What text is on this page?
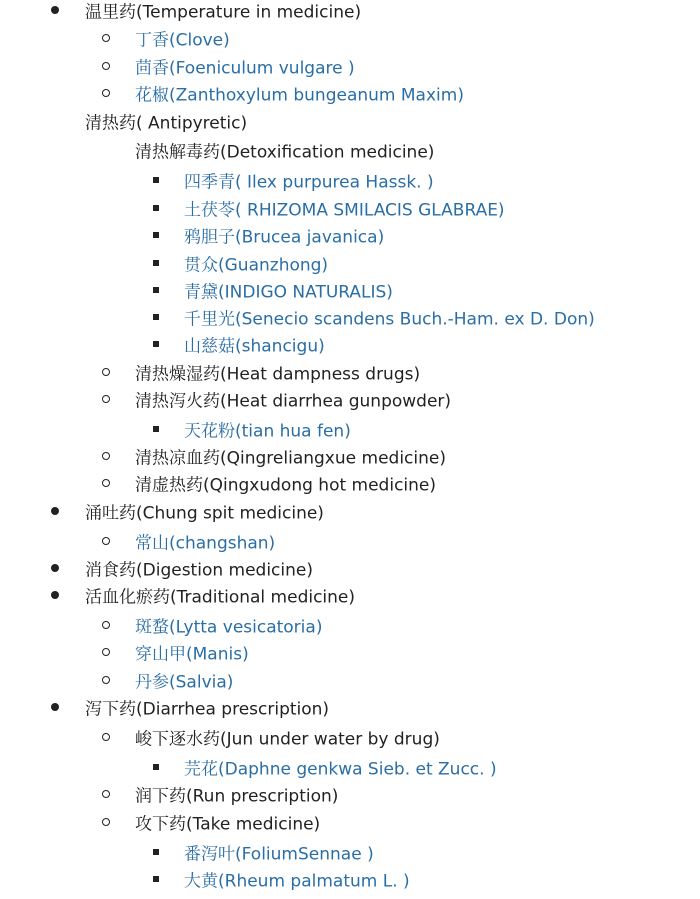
温里药(Temperature in medicine)
丁香(Clove)
茴香(Foeniculum vulgare )
花椒(Zanthoxylum bungeanum Maxim)
清热药( Antipyretic)
清热解毒药(Detoxification medicine)
四季青( Ilex purpurea Hassk. )
土茯苓( RHIZOMA SMILACIS GLABRAE)
鸦胆子(Brucea javanica)
贯众(Guanzhong)
青黛(INDIGO NATURALIS)
千里光(Senecio scandens Buch.-Ham. ex D. Don)
山慈菇(shancigu)
清热燥湿药(Heat dampness drugs)
清热泻火药(Heat diarrhea gunpowder)
天花粉(tian hua fen)
清热凉血药(Qingreliangxue medicine)
清虚热药(Qingxudong hot medicine)
涌吐药(Chung spit medicine)
常山(changshan)
消食药(Digestion medicine)
活血化瘀药(Traditional medicine)
斑蝥(Lytta vesicatoria)
穿山甲(Manis)
丹参(Salvia)
泻下药(Diarrhea prescription)
峻下逐水药(Jun under water by drug)
芫花(Daphne genkwa Sieb. et Zucc. )
润下药(Run prescription)
攻下药(Take medicine)
番泻叶(FoliumSennae )
大黄(Rheum palmatum L. )
